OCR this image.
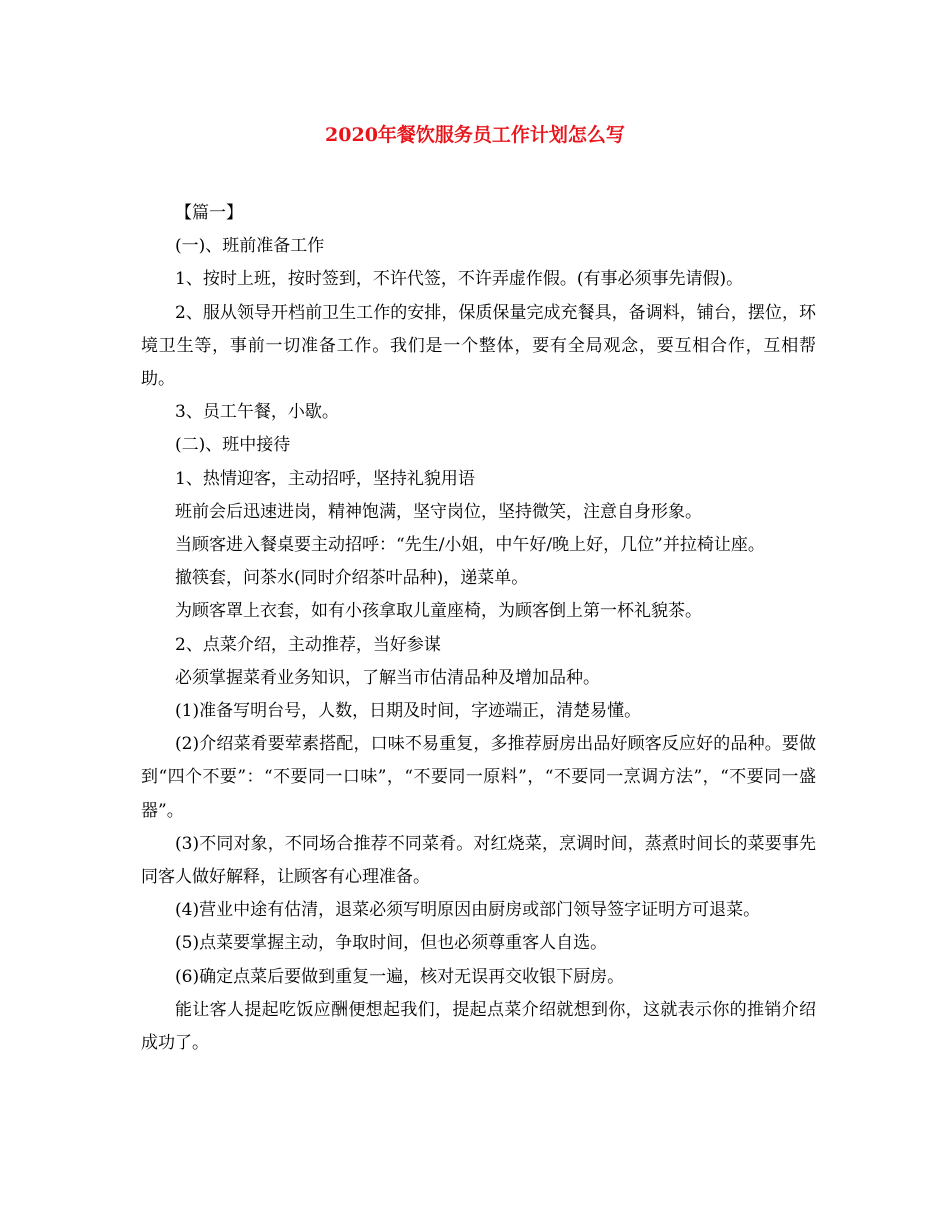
2020年餐饮服务员工作计划怎么写

【篇一】

(一)、班前准备工作

1、按时上班，按时签到，不许代签，不许弄虚作假。(有事必须事先请假)。

2、服从领导开档前卫生工作的安排，保质保量完成充餐具，备调料，铺台，摆位，环境卫生等，事前一切准备工作。我们是一个整体，要有全局观念，要互相合作，互相帮助。

3、员工午餐，小歇。

(二)、班中接待

1、热情迎客，主动招呼，坚持礼貌用语

班前会后迅速进岗，精神饱满，坚守岗位，坚持微笑，注意自身形象。

当顾客进入餐桌要主动招呼：“先生/小姐，中午好/晚上好，几位”并拉椅让座。

撤筷套，问茶水(同时介绍茶叶品种)，递菜单。

为顾客罩上衣套，如有小孩拿取儿童座椅，为顾客倒上第一杯礼貌茶。

2、点菜介绍，主动推荐，当好参谋

必须掌握菜肴业务知识，了解当市估清品种及增加品种。

(1)准备写明台号，人数，日期及时间，字迹端正，清楚易懂。

(2)介绍菜肴要荤素搭配，口味不易重复，多推荐厨房出品好顾客反应好的品种。要做到“四个不要”：“不要同一口味”，“不要同一原料”，“不要同一烹调方法”，“不要同一盛器”。

(3)不同对象，不同场合推荐不同菜肴。对红烧菜，烹调时间，蒸煮时间长的菜要事先同客人做好解释，让顾客有心理准备。

(4)营业中途有估清，退菜必须写明原因由厨房或部门领导签字证明方可退菜。

(5)点菜要掌握主动，争取时间，但也必须尊重客人自选。

(6)确定点菜后要做到重复一遍，核对无误再交收银下厨房。

能让客人提起吃饭应酬便想起我们，提起点菜介绍就想到你，这就表示你的推销介绍成功了。
